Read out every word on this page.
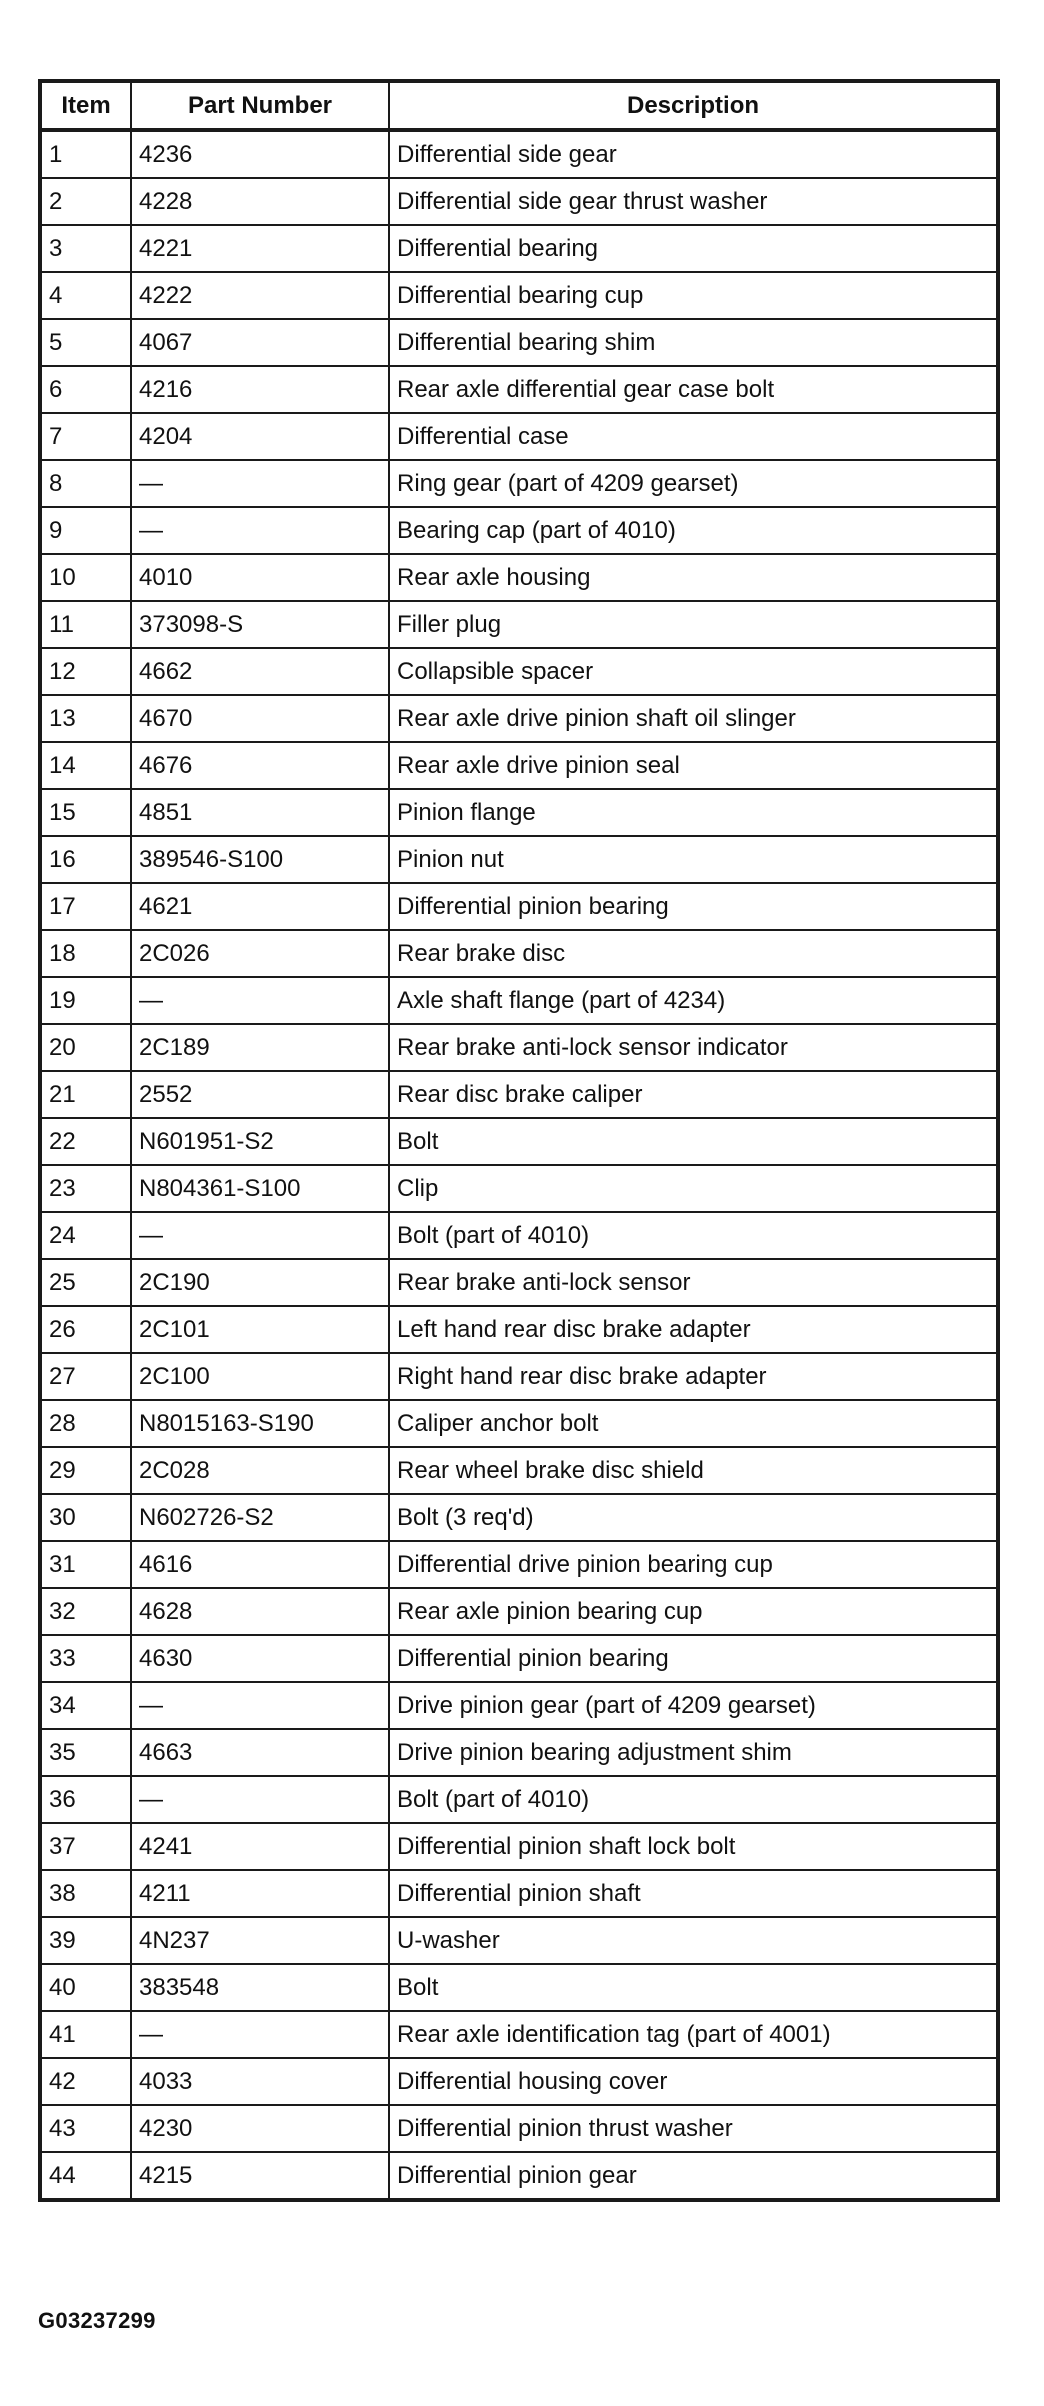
Item	Part Number	Description
1	4236	Differential side gear
2	4228	Differential side gear thrust washer
3	4221	Differential bearing
4	4222	Differential bearing cup
5	4067	Differential bearing shim
6	4216	Rear axle differential gear case bolt
7	4204	Differential case
8	—	Ring gear (part of 4209 gearset)
9	—	Bearing cap (part of 4010)
10	4010	Rear axle housing
11	373098-S	Filler plug
12	4662	Collapsible spacer
13	4670	Rear axle drive pinion shaft oil slinger
14	4676	Rear axle drive pinion seal
15	4851	Pinion flange
16	389546-S100	Pinion nut
17	4621	Differential pinion bearing
18	2C026	Rear brake disc
19	—	Axle shaft flange (part of 4234)
20	2C189	Rear brake anti-lock sensor indicator
21	2552	Rear disc brake caliper
22	N601951-S2	Bolt
23	N804361-S100	Clip
24	—	Bolt (part of 4010)
25	2C190	Rear brake anti-lock sensor
26	2C101	Left hand rear disc brake adapter
27	2C100	Right hand rear disc brake adapter
28	N8015163-S190	Caliper anchor bolt
29	2C028	Rear wheel brake disc shield
30	N602726-S2	Bolt (3 req'd)
31	4616	Differential drive pinion bearing cup
32	4628	Rear axle pinion bearing cup
33	4630	Differential pinion bearing
34	—	Drive pinion gear (part of 4209 gearset)
35	4663	Drive pinion bearing adjustment shim
36	—	Bolt (part of 4010)
37	4241	Differential pinion shaft lock bolt
38	4211	Differential pinion shaft
39	4N237	U-washer
40	383548	Bolt
41	—	Rear axle identification tag (part of 4001)
42	4033	Differential housing cover
43	4230	Differential pinion thrust washer
44	4215	Differential pinion gear
G03237299
